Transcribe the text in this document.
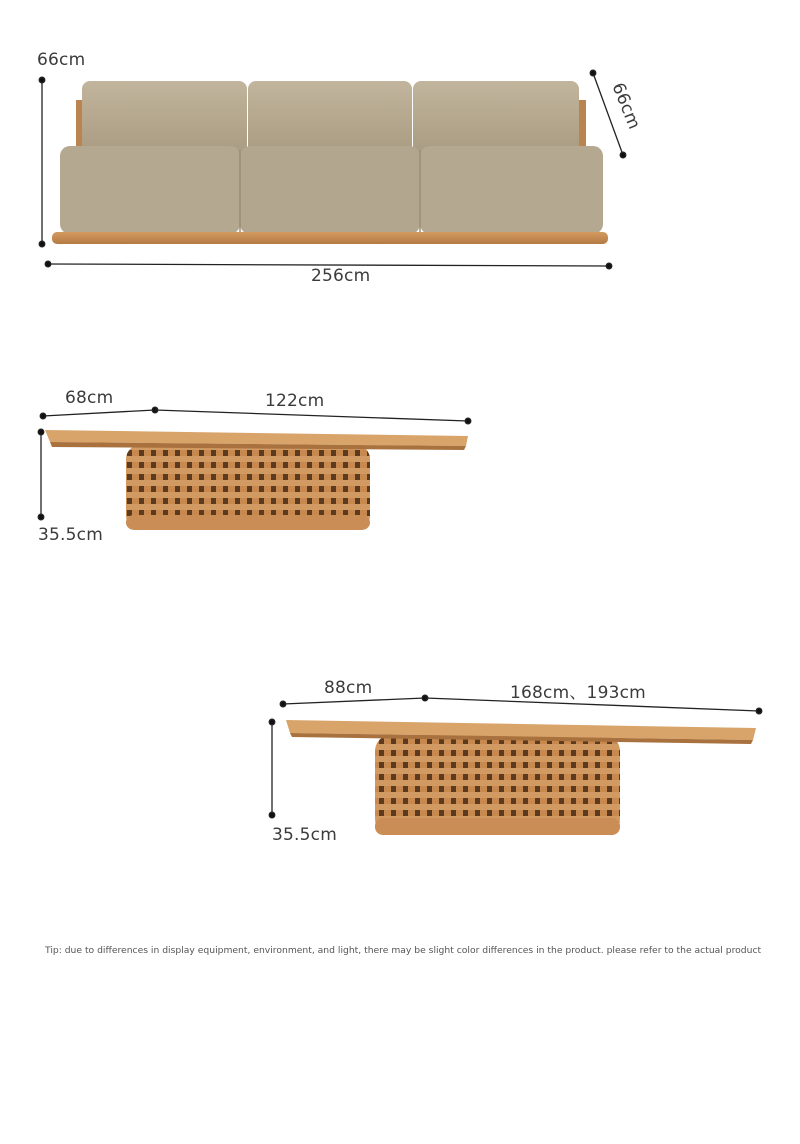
66cm
66cm
256cm
68cm	122cm
35.5cm
88cm	168cm、193cm
35.5cm
Tip: due to differences in display equipment, environment, and light, there may be slight color differences in the product. please refer to the actual product
